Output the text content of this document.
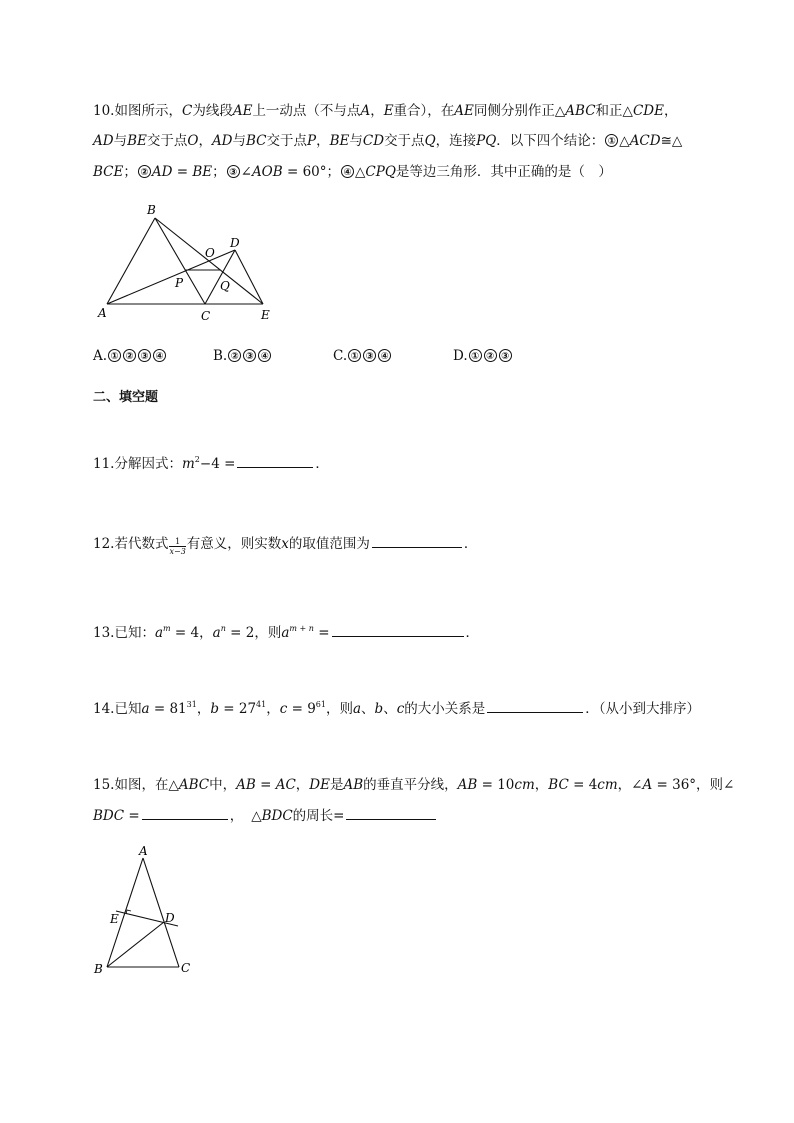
10.如图所示，C为线段AE上一动点（不与点A，E重合），在AE同侧分别作正△ABC和正△CDE，
AD与BE交于点O，AD与BC交于点P，BE与CD交于点Q，连接PQ．以下四个结论： ① △ACD≅△
BCE； ② AD = BE； ③ ∠AOB = 60°； ④ △CPQ是等边三角形．其中正确的是（　）
B
D
O
P	Q
A	C	E
A. ① ② ③ ④	B. ② ③ ④	C. ① ③ ④	D. ① ② ③
二、填空题
11.分解因式：$m^2-4$ =	．
12.若代数式 $\frac{1}{x-3}$ 有意义，则实数x的取值范围为	．
13.已知：$a^m = 4$，$a^n = 2$，则$a^{m + n}$ =	．
14.已知$a = 81^{31}$，$b = 27^{41}$，$c = 9^{61}$，则a、b、c的大小关系是	．（从小到大排序）
15.如图，在△ABC中，AB = AC，DE是AB的垂直平分线，AB = 10cm，BC = 4cm，∠A = 36°，则∠
BDC =	， △BDC的周长=
A
E	D
B	C
